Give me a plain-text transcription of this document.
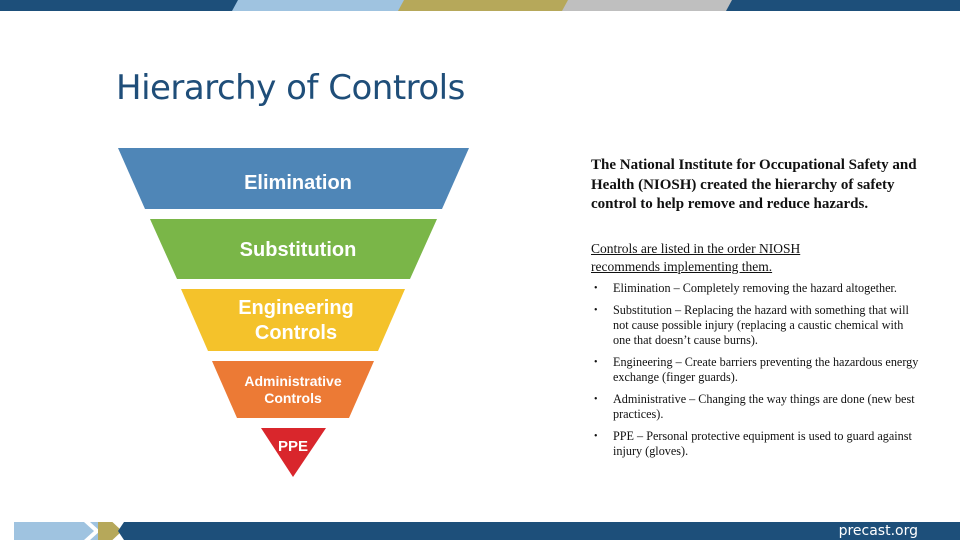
Hierarchy of Controls
Elimination
Substitution
Engineering
Controls
Administrative
Controls
PPE

The National Institute for Occupational Safety and Health (NIOSH) created the hierarchy of safety control to help remove and reduce hazards.

Controls are listed in the order NIOSH recommends implementing them.

• Elimination – Completely removing the hazard altogether.
• Substitution – Replacing the hazard with something that will not cause possible injury (replacing a caustic chemical with one that doesn’t cause burns).
• Engineering – Create barriers preventing the hazardous energy exchange (finger guards).
• Administrative – Changing the way things are done (new best practices).
• PPE – Personal protective equipment is used to guard against injury (gloves).
precast.org
